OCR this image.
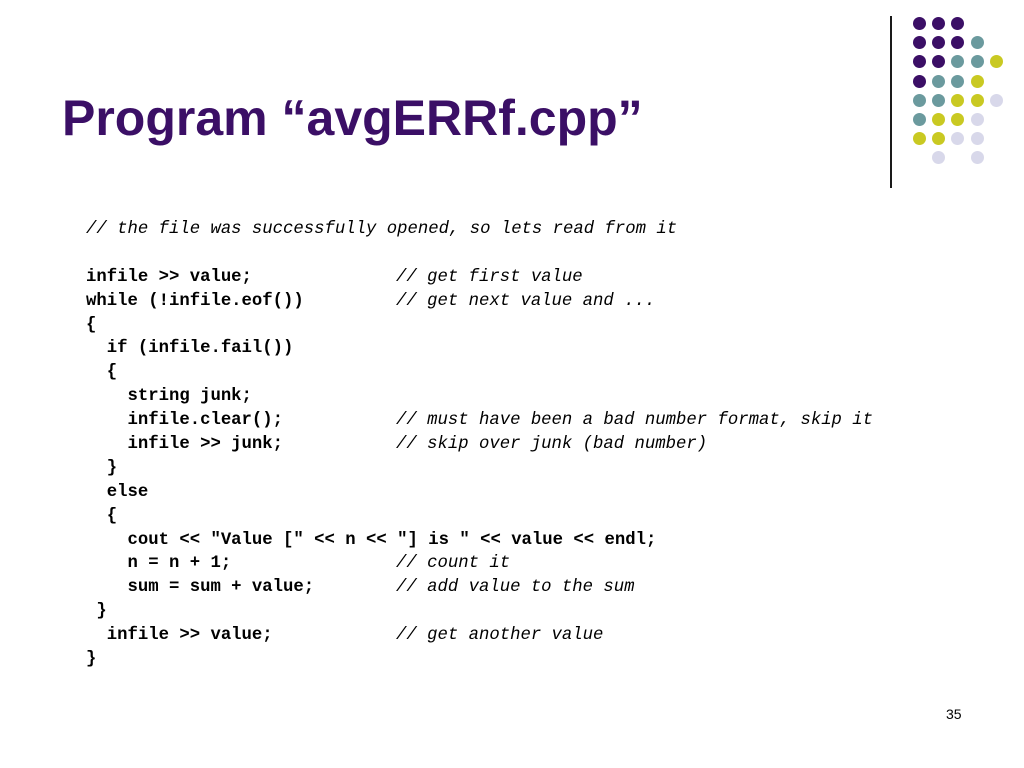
Program “avgERRf.cpp”
// the file was successfully opened, so lets read from it
infile >> value;	// get first value
while (!infile.eof())	// get next value and ...
{
if (infile.fail())
{
string junk;
infile.clear();	// must have been a bad number format, skip it
infile >> junk;	// skip over junk (bad number)
}
else
{
cout << "Value [" << n << "] is " << value << endl;
n = n + 1;	// count it
sum = sum + value;	// add value to the sum
}
infile >> value;	// get another value
}
35
